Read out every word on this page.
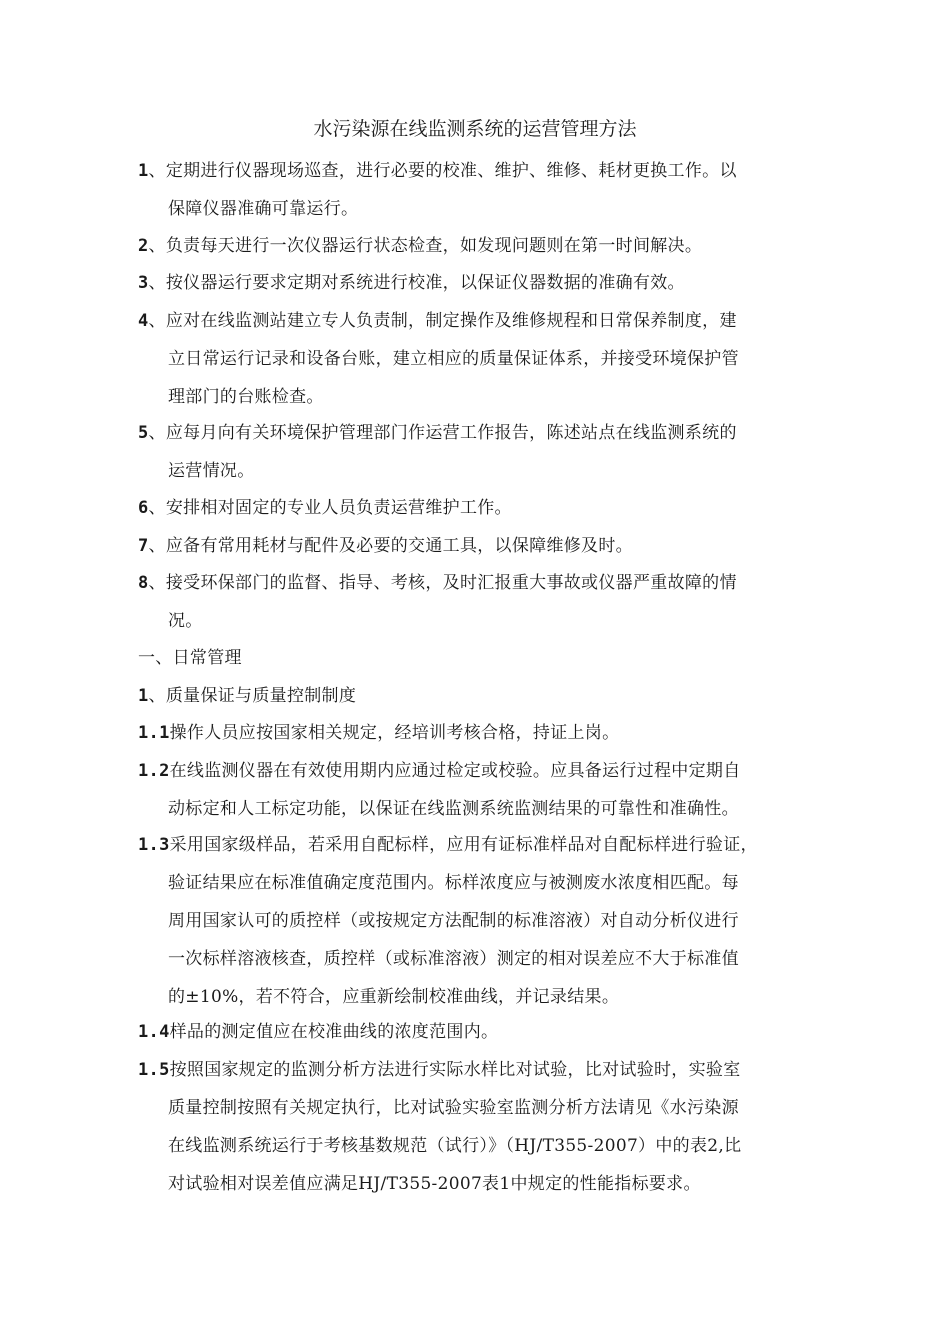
水污染源在线监测系统的运营管理方法
1、定期进行仪器现场巡查，进行必要的校准、维护、维修、耗材更换工作。以
保障仪器准确可靠运行。
2、负责每天进行一次仪器运行状态检查，如发现问题则在第一时间解决。
3、按仪器运行要求定期对系统进行校准，以保证仪器数据的准确有效。
4、应对在线监测站建立专人负责制，制定操作及维修规程和日常保养制度，建
立日常运行记录和设备台账，建立相应的质量保证体系，并接受环境保护管
理部门的台账检查。
5、应每月向有关环境保护管理部门作运营工作报告，陈述站点在线监测系统的
运营情况。
6、安排相对固定的专业人员负责运营维护工作。
7、应备有常用耗材与配件及必要的交通工具，以保障维修及时。
8、接受环保部门的监督、指导、考核，及时汇报重大事故或仪器严重故障的情
况。
一、日常管理
1、质量保证与质量控制制度
1.1操作人员应按国家相关规定，经培训考核合格，持证上岗。
1.2在线监测仪器在有效使用期内应通过检定或校验。应具备运行过程中定期自
动标定和人工标定功能，以保证在线监测系统监测结果的可靠性和准确性。
1.3采用国家级样品，若采用自配标样，应用有证标准样品对自配标样进行验证，
验证结果应在标准值确定度范围内。标样浓度应与被测废水浓度相匹配。每
周用国家认可的质控样（或按规定方法配制的标准溶液）对自动分析仪进行
一次标样溶液核查，质控样（或标准溶液）测定的相对误差应不大于标准值
的±10%，若不符合，应重新绘制校准曲线，并记录结果。
1.4样品的测定值应在校准曲线的浓度范围内。
1.5按照国家规定的监测分析方法进行实际水样比对试验，比对试验时，实验室
质量控制按照有关规定执行，比对试验实验室监测分析方法请见《水污染源
在线监测系统运行于考核基数规范（试行）》（HJ/T355-2007）中的表2,比
对试验相对误差值应满足HJ/T355-2007表1中规定的性能指标要求。
